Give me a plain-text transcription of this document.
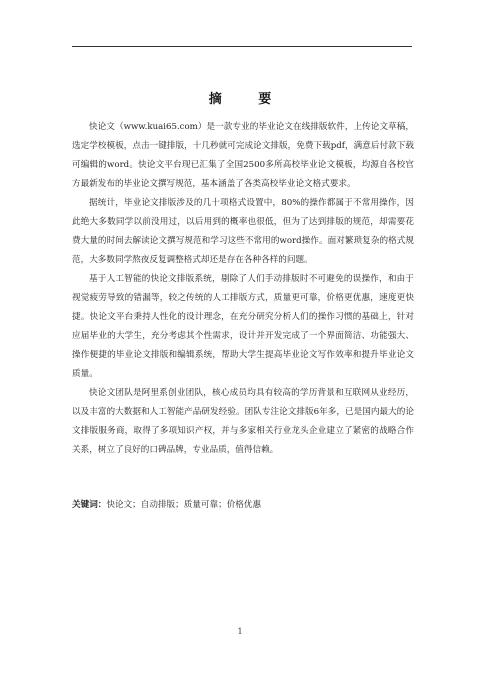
摘 要

快论文（www.kuai65.com）是一款专业的毕业论文在线排版软件，上传论文草稿，选定学校模板，点击一键排版，十几秒就可完成论文排版，免费下载pdf，满意后付款下载可编辑的word。快论文平台现已汇集了全国2500多所高校毕业论文模板，均源自各校官方最新发布的毕业论文撰写规范，基本涵盖了各类高校毕业论文格式要求。

据统计，毕业论文排版涉及的几十项格式设置中，80%的操作都属于不常用操作，因此绝大多数同学以前没用过，以后用到的概率也很低，但为了达到排版的规范，却需要花费大量的时间去解读论文撰写规范和学习这些不常用的word操作。面对繁琐复杂的格式规范，大多数同学熬夜反复调整格式却还是存在各种各样的问题。

基于人工智能的快论文排版系统，剔除了人们手动排版时不可避免的误操作，和由于视觉疲劳导致的错漏等，较之传统的人工排版方式，质量更可靠，价格更优惠，速度更快捷。快论文平台秉持人性化的设计理念，在充分研究分析人们的操作习惯的基础上，针对应届毕业的大学生，充分考虑其个性需求，设计并开发完成了一个界面简洁、功能强大、操作便捷的毕业论文排版和编辑系统，帮助大学生提高毕业论文写作效率和提升毕业论文质量。

快论文团队是阿里系创业团队，核心成员均具有较高的学历背景和互联网从业经历，以及丰富的大数据和人工智能产品研发经验。团队专注论文排版6年多，已是国内最大的论文排版服务商，取得了多项知识产权，并与多家相关行业龙头企业建立了紧密的战略合作关系，树立了良好的口碑品牌，专业品质，值得信赖。

关键词：快论文；自动排版；质量可靠；价格优惠
1
